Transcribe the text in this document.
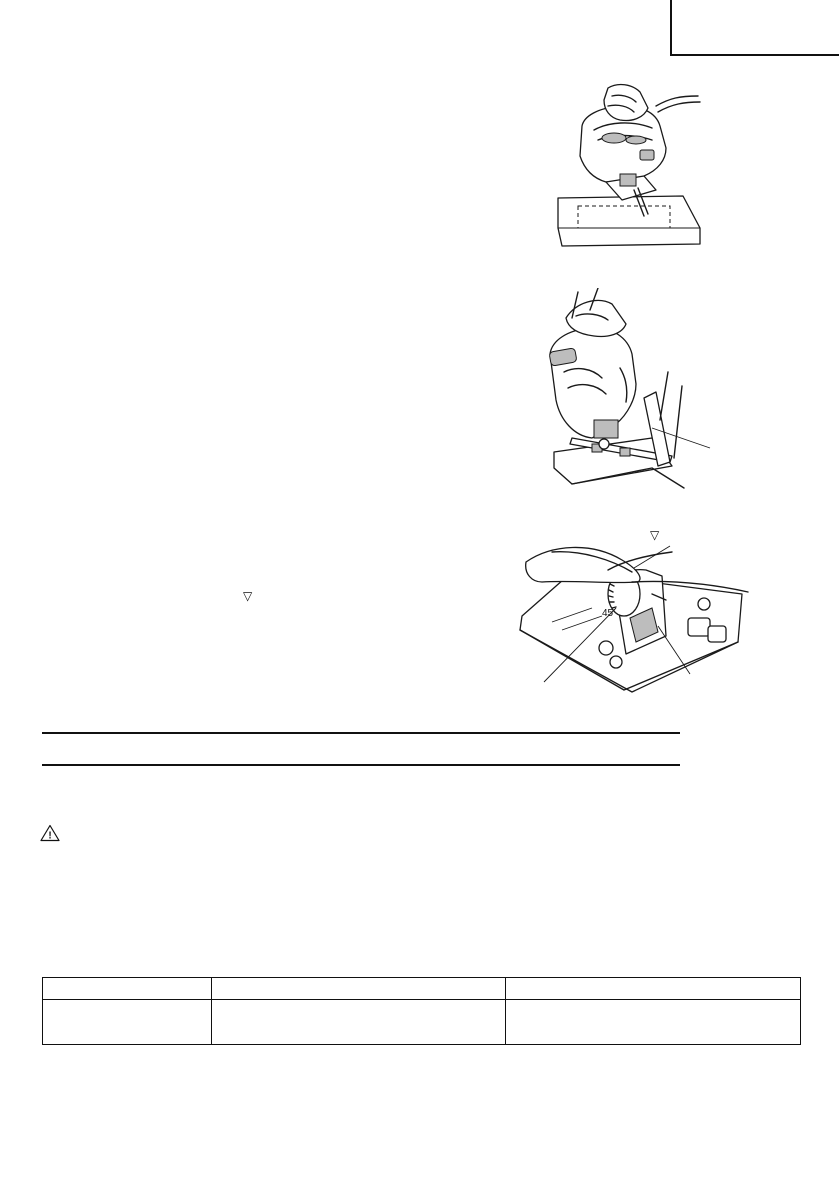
45
▽
▽
!
